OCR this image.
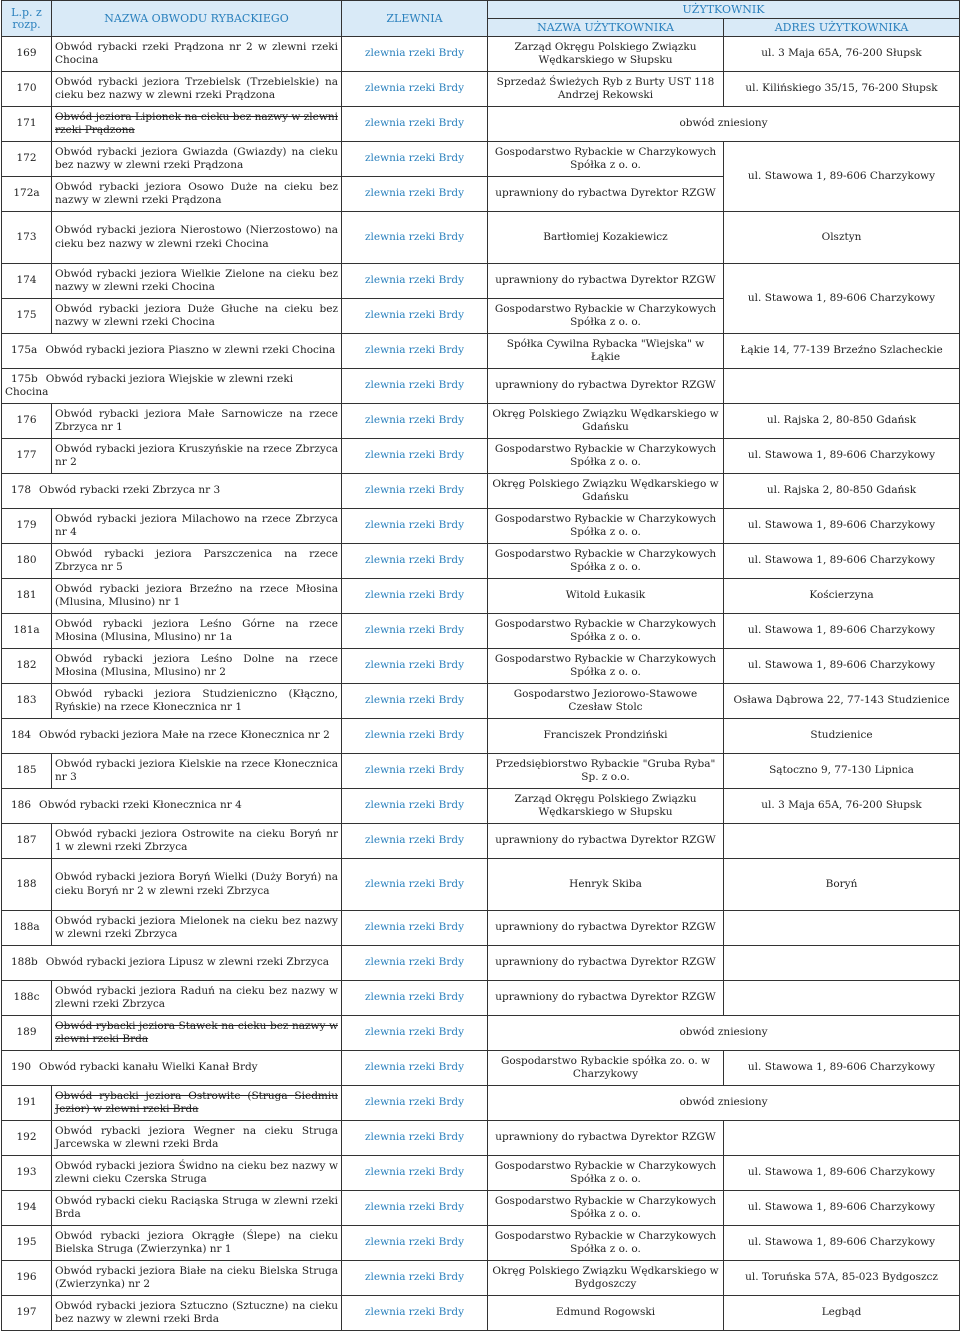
L.p. z rozp.	NAZWA OBWODU RYBACKIEGO	ZLEWNIA	UŻYTKOWNIK	
			NAZWA UŻYTKOWNIKA	ADRES UŻYTKOWNIKA
169	Obwód rybacki rzeki Prądzona nr 2 w zlewni rzeki Chocina	zlewnia rzeki Brdy	Zarząd Okręgu Polskiego Związku Wędkarskiego w Słupsku	ul. 3 Maja 65A, 76-200 Słupsk
170	Obwód rybacki jeziora Trzebielsk (Trzebielskie) na cieku bez nazwy w zlewni rzeki Prądzona	zlewnia rzeki Brdy	Sprzedaż Świeżych Ryb z Burty UST 118 Andrzej Rekowski	ul. Kilińskiego 35/15, 76-200 Słupsk
171	Obwód jeziora Lipionek na cieku bez nazwy w zlewni rzeki Prądzona	zlewnia rzeki Brdy	obwód zniesiony	
172	Obwód rybacki jeziora Gwiazda (Gwiazdy) na cieku bez nazwy w zlewni rzeki Prądzona	zlewnia rzeki Brdy	Gospodarstwo Rybackie w Charzykowych Spółka z o. o.	ul. Stawowa 1, 89-606 Charzykowy
172a	Obwód rybacki jeziora Osowo Duże na cieku bez nazwy w zlewni rzeki Prądzona	zlewnia rzeki Brdy	uprawniony do rybactwa Dyrektor RZGW	
173	Obwód rybacki jeziora Nierostowo (Nierzostowo) na cieku bez nazwy w zlewni rzeki Chocina	zlewnia rzeki Brdy	Bartłomiej Kozakiewicz	Olsztyn
174	Obwód rybacki jeziora Wielkie Zielone na cieku bez nazwy w zlewni rzeki Chocina	zlewnia rzeki Brdy	uprawniony do rybactwa Dyrektor RZGW	ul. Stawowa 1, 89-606 Charzykowy
175	Obwód rybacki jeziora Duże Głuche na cieku bez nazwy w zlewni rzeki Chocina	zlewnia rzeki Brdy	Gospodarstwo Rybackie w Charzykowych Spółka z o. o.	
175a Obwód rybacki jeziora Piaszno w zlewni rzeki Chocina		zlewnia rzeki Brdy	Spółka Cywilna Rybacka "Wiejska" w Łąkie	Łąkie 14, 77-139 Brzeźno Szlacheckie
175b Obwód rybacki jeziora Wiejskie w zlewni rzeki Chocina		zlewnia rzeki Brdy	uprawniony do rybactwa Dyrektor RZGW	
176	Obwód rybacki jeziora Małe Sarnowicze na rzece Zbrzyca nr 1	zlewnia rzeki Brdy	Okręg Polskiego Związku Wędkarskiego w Gdańsku	ul. Rajska 2, 80-850 Gdańsk
177	Obwód rybacki jeziora Kruszyńskie na rzece Zbrzyca nr 2	zlewnia rzeki Brdy	Gospodarstwo Rybackie w Charzykowych Spółka z o. o.	ul. Stawowa 1, 89-606 Charzykowy
178 Obwód rybacki rzeki Zbrzyca nr 3		zlewnia rzeki Brdy	Okręg Polskiego Związku Wędkarskiego w Gdańsku	ul. Rajska 2, 80-850 Gdańsk
179	Obwód rybacki jeziora Milachowo na rzece Zbrzyca nr 4	zlewnia rzeki Brdy	Gospodarstwo Rybackie w Charzykowych Spółka z o. o.	ul. Stawowa 1, 89-606 Charzykowy
180	Obwód rybacki jeziora Parszczenica na rzece Zbrzyca nr 5	zlewnia rzeki Brdy	Gospodarstwo Rybackie w Charzykowych Spółka z o. o.	ul. Stawowa 1, 89-606 Charzykowy
181	Obwód rybacki jeziora Brzeźno na rzece Młosina (Mlusina, Mlusino) nr 1	zlewnia rzeki Brdy	Witold Łukasik	Kościerzyna
181a	Obwód rybacki jeziora Leśno Górne na rzece Młosina (Mlusina, Mlusino) nr 1a	zlewnia rzeki Brdy	Gospodarstwo Rybackie w Charzykowych Spółka z o. o.	ul. Stawowa 1, 89-606 Charzykowy
182	Obwód rybacki jeziora Leśno Dolne na rzece Młosina (Mlusina, Mlusino) nr 2	zlewnia rzeki Brdy	Gospodarstwo Rybackie w Charzykowych Spółka z o. o.	ul. Stawowa 1, 89-606 Charzykowy
183	Obwód rybacki jeziora Studzieniczno (Kłączno, Ryńskie) na rzece Kłonecznica nr 1	zlewnia rzeki Brdy	Gospodarstwo Jeziorowo-Stawowe Czesław Stolc	Osława Dąbrowa 22, 77-143 Studzienice
184 Obwód rybacki jeziora Małe na rzece Kłonecznica nr 2		zlewnia rzeki Brdy	Franciszek Prondziński	Studzienice
185	Obwód rybacki jeziora Kielskie na rzece Kłonecznica nr 3	zlewnia rzeki Brdy	Przedsiębiorstwo Rybackie "Gruba Ryba" Sp. z o.o.	Sątoczno 9, 77-130 Lipnica
186 Obwód rybacki rzeki Kłonecznica nr 4		zlewnia rzeki Brdy	Zarząd Okręgu Polskiego Związku Wędkarskiego w Słupsku	ul. 3 Maja 65A, 76-200 Słupsk
187	Obwód rybacki jeziora Ostrowite na cieku Boryń nr 1 w zlewni rzeki Zbrzyca	zlewnia rzeki Brdy	uprawniony do rybactwa Dyrektor RZGW	
188	Obwód rybacki jeziora Boryń Wielki (Duży Boryń) na cieku Boryń nr 2 w zlewni rzeki Zbrzyca	zlewnia rzeki Brdy	Henryk Skiba	Boryń
188a	Obwód rybacki jeziora Mielonek na cieku bez nazwy w zlewni rzeki Zbrzyca	zlewnia rzeki Brdy	uprawniony do rybactwa Dyrektor RZGW	
188b Obwód rybacki jeziora Lipusz w zlewni rzeki Zbrzyca		zlewnia rzeki Brdy	uprawniony do rybactwa Dyrektor RZGW	
188c	Obwód rybacki jeziora Raduń na cieku bez nazwy w zlewni rzeki Zbrzyca	zlewnia rzeki Brdy	uprawniony do rybactwa Dyrektor RZGW	
189	Obwód rybacki jeziora Stawek na cieku bez nazwy w zlewni rzeki Brda	zlewnia rzeki Brdy	obwód zniesiony	
190 Obwód rybacki kanału Wielki Kanał Brdy		zlewnia rzeki Brdy	Gospodarstwo Rybackie spółka zo. o. w Charzykowy	ul. Stawowa 1, 89-606 Charzykowy
191	Obwód rybacki jeziora Ostrowite (Struga Siedmiu Jezior) w zlewni rzeki Brda	zlewnia rzeki Brdy	obwód zniesiony	
192	Obwód rybacki jeziora Wegner na cieku Struga Jarcewska w zlewni rzeki Brda	zlewnia rzeki Brdy	uprawniony do rybactwa Dyrektor RZGW	
193	Obwód rybacki jeziora Świdno na cieku bez nazwy w zlewni cieku Czerska Struga	zlewnia rzeki Brdy	Gospodarstwo Rybackie w Charzykowych Spółka z o. o.	ul. Stawowa 1, 89-606 Charzykowy
194	Obwód rybacki cieku Raciąska Struga w zlewni rzeki Brda	zlewnia rzeki Brdy	Gospodarstwo Rybackie w Charzykowych Spółka z o. o.	ul. Stawowa 1, 89-606 Charzykowy
195	Obwód rybacki jeziora Okrągłe (Ślepe) na cieku Bielska Struga (Zwierzynka) nr 1	zlewnia rzeki Brdy	Gospodarstwo Rybackie w Charzykowych Spółka z o. o.	ul. Stawowa 1, 89-606 Charzykowy
196	Obwód rybacki jeziora Białe na cieku Bielska Struga (Zwierzynka) nr 2	zlewnia rzeki Brdy	Okręg Polskiego Związku Wędkarskiego w Bydgoszczy	ul. Toruńska 57A, 85-023 Bydgoszcz
197	Obwód rybacki jeziora Sztuczno (Sztuczne) na cieku bez nazwy w zlewni rzeki Brda	zlewnia rzeki Brdy	Edmund Rogowski	Legbąd
